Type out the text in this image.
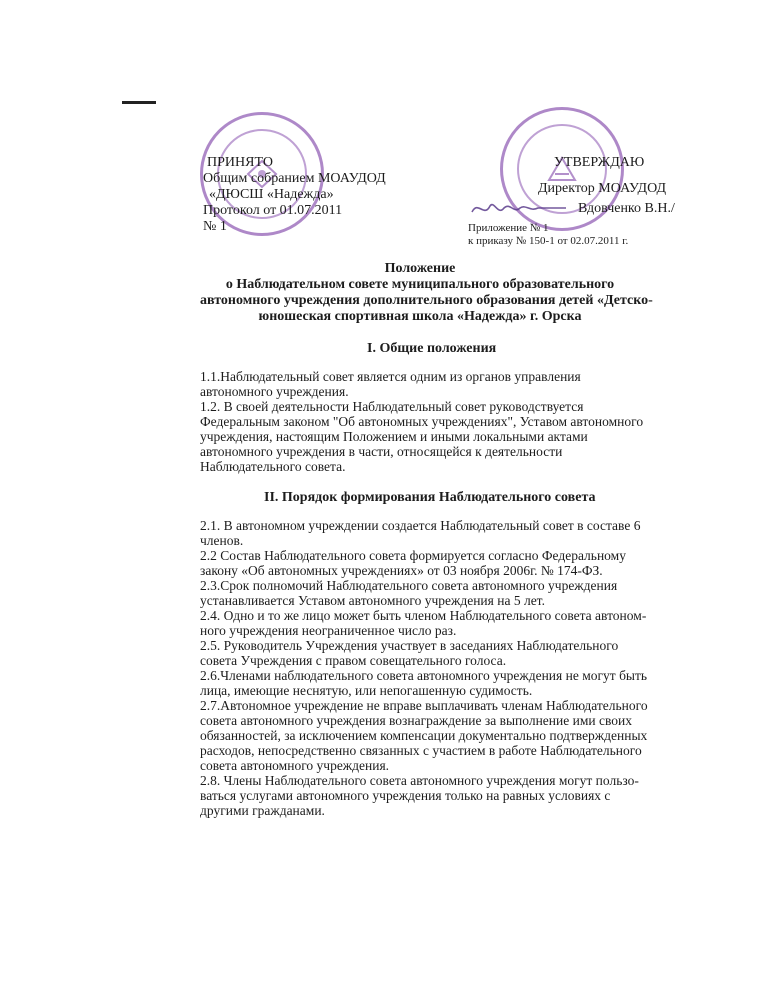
ПРИНЯТО
Общим собранием МОАУДОД
«ДЮСШ «Надежда»
Протокол от 01.07.2011
№ 1
УТВЕРЖДАЮ
Директор МОАУДОД
Вдовченко В.Н./
Приложение № 1
к приказу № 150-1 от 02.07.2011 г.
Положение
о Наблюдательном совете муниципального образовательного
автономного учреждения дополнительного образования детей «Детско-
юношеская спортивная школа «Надежда» г. Орска
I. Общие положения
1.1.Наблюдательный совет является одним из органов управления
автономного учреждения.
1.2. В своей деятельности Наблюдательный совет руководствуется
Федеральным законом "Об автономных учреждениях", Уставом автономного
учреждения, настоящим Положением и иными локальными актами
автономного учреждения в части, относящейся к деятельности
Наблюдательного совета.
II. Порядок формирования Наблюдательного совета
2.1. В автономном учреждении создается Наблюдательный совет в составе 6
членов.
2.2 Состав Наблюдательного совета формируется согласно Федеральному
закону «Об автономных учреждениях» от 03 ноября 2006г. № 174-ФЗ.
2.3.Срок полномочий Наблюдательного совета автономного учреждения
устанавливается Уставом автономного учреждения на 5 лет.
2.4. Одно и то же лицо может быть членом Наблюдательного совета автоном-
ного учреждения неограниченное число раз.
2.5. Руководитель Учреждения участвует в заседаниях Наблюдательного
совета Учреждения с правом совещательного голоса.
2.6.Членами наблюдательного совета автономного учреждения не могут быть
лица, имеющие неснятую, или непогашенную судимость.
2.7.Автономное учреждение не вправе выплачивать членам Наблюдательного
совета автономного учреждения вознаграждение за выполнение ими своих
обязанностей, за исключением компенсации документально подтвержденных
расходов, непосредственно связанных с участием в работе Наблюдательного
совета автономного учреждения.
2.8. Члены Наблюдательного совета автономного учреждения могут пользо-
ваться услугами автономного учреждения только на равных условиях с
другими гражданами.
